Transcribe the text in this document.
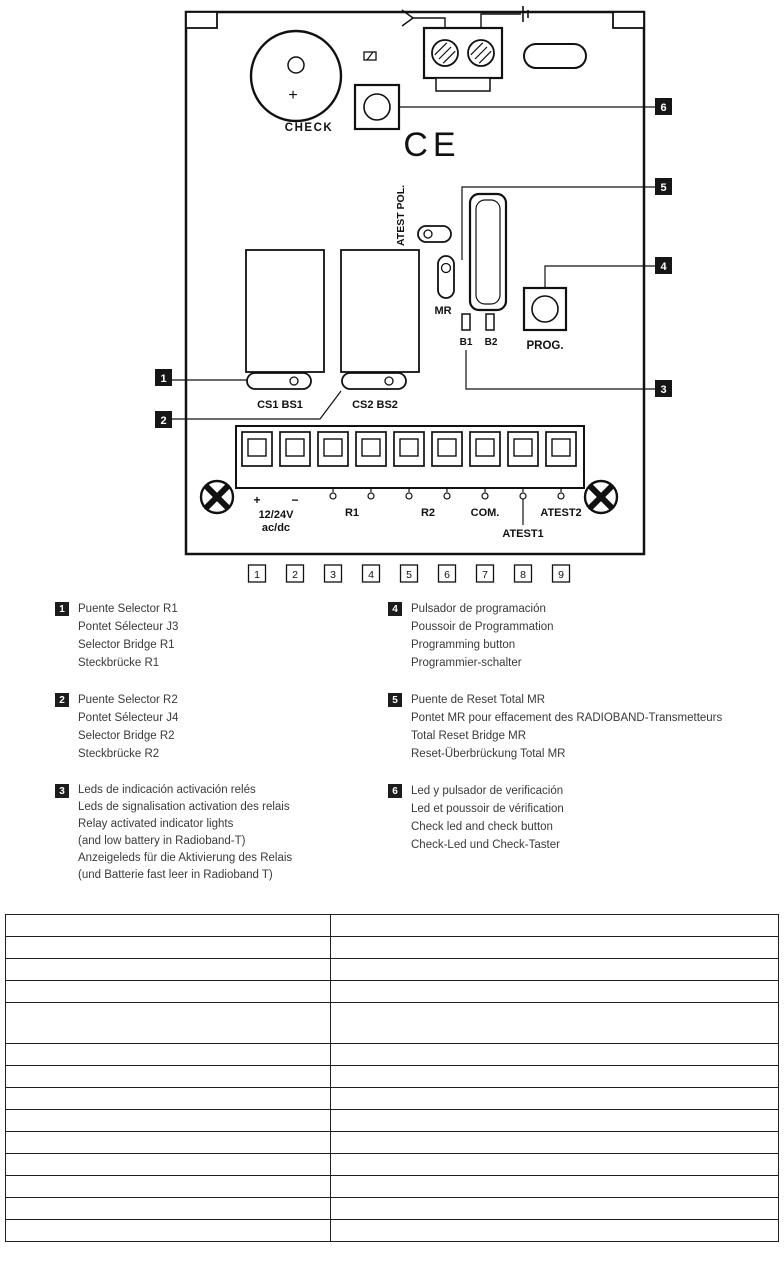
+
CHECK
6
CE
ATEST POL.
MR
5
PROG.
4
B1 B2
3
CS1 BS1
1
CS2 BS2
2
+	−
12/24V
ac/dc
R1	R2	COM.
ATEST1
ATEST2
1	2	3	4	5	6	7	8	9
1	Puente Selector R1
Pontet Sélecteur J3
Selector Bridge R1
Steckbrücke R1
2	Puente Selector R2
Pontet Sélecteur J4
Selector Bridge R2
Steckbrücke R2
3	Leds de indicación activación relés
Leds de signalisation activation des relais
Relay activated indicator lights
(and low battery in Radioband-T)
Anzeigeleds für die Aktivierung des Relais
(und Batterie fast leer in Radioband T)
4	Pulsador de programación
Poussoir de Programmation
Programming button
Programmier-schalter
5	Puente de Reset Total MR
Pontet MR pour effacement des RADIOBAND-Transmetteurs
Total Reset Bridge MR
Reset-Überbrückung Total MR
6	Led y pulsador de verificación
Led et poussoir de vérification
Check led and check button
Check-Led und Check-Taster
